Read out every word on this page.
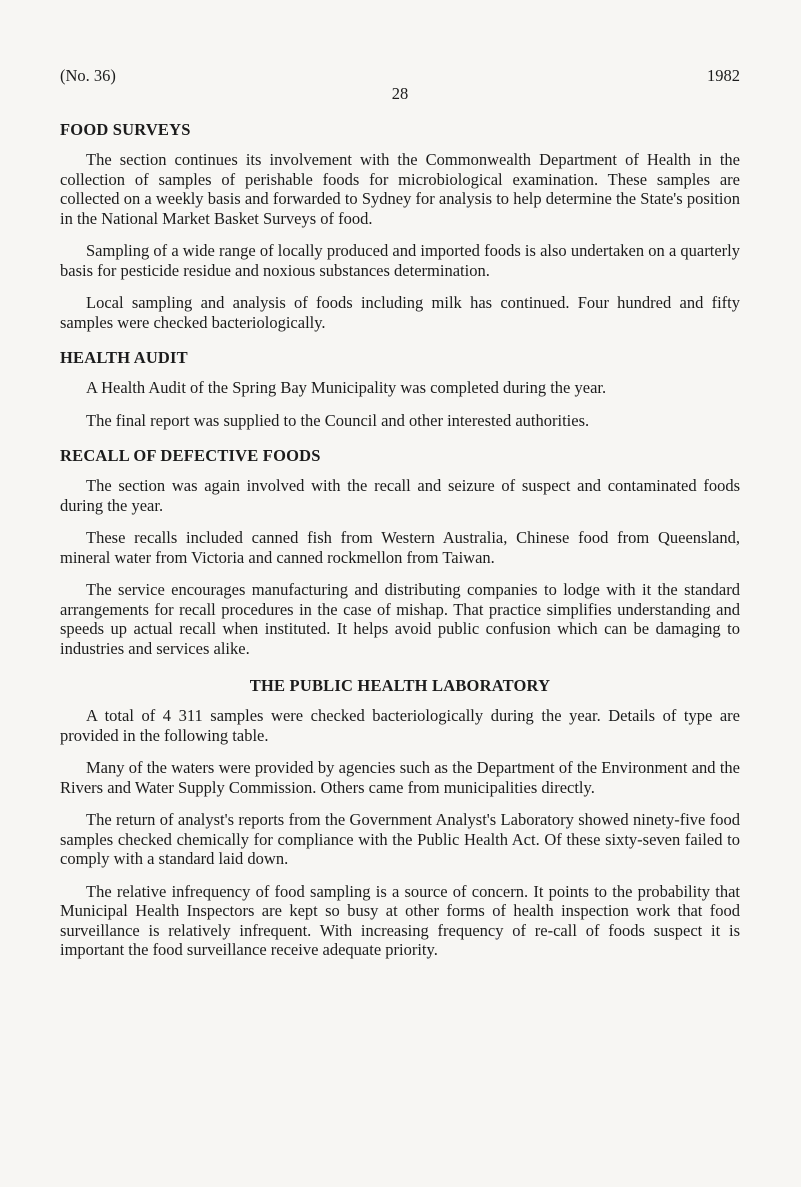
(No. 36)	1982
28
FOOD SURVEYS

The section continues its involvement with the Commonwealth Department of Health in the collection of samples of perishable foods for microbiological examination. These samples are collected on a weekly basis and forwarded to Sydney for analysis to help determine the State's position in the National Market Basket Surveys of food.

Sampling of a wide range of locally produced and imported foods is also undertaken on a quarterly basis for pesticide residue and noxious substances determination.

Local sampling and analysis of foods including milk has continued. Four hundred and fifty samples were checked bacteriologically.

HEALTH AUDIT

A Health Audit of the Spring Bay Municipality was completed during the year.

The final report was supplied to the Council and other interested authorities.

RECALL OF DEFECTIVE FOODS

The section was again involved with the recall and seizure of suspect and contaminated foods during the year.

These recalls included canned fish from Western Australia, Chinese food from Queensland, mineral water from Victoria and canned rockmellon from Taiwan.

The service encourages manufacturing and distributing companies to lodge with it the standard arrangements for recall procedures in the case of mishap. That practice simplifies understanding and speeds up actual recall when instituted. It helps avoid public confusion which can be damaging to industries and services alike.

THE PUBLIC HEALTH LABORATORY

A total of 4 311 samples were checked bacteriologically during the year. Details of type are provided in the following table.

Many of the waters were provided by agencies such as the Department of the Environment and the Rivers and Water Supply Commission. Others came from municipalities directly.

The return of analyst's reports from the Government Analyst's Laboratory showed ninety-five food samples checked chemically for compliance with the Public Health Act. Of these sixty-seven failed to comply with a standard laid down.

The relative infrequency of food sampling is a source of concern. It points to the probability that Municipal Health Inspectors are kept so busy at other forms of health inspection work that food surveillance is relatively infrequent. With increasing frequency of re-call of foods suspect it is important the food surveillance receive adequate priority.
